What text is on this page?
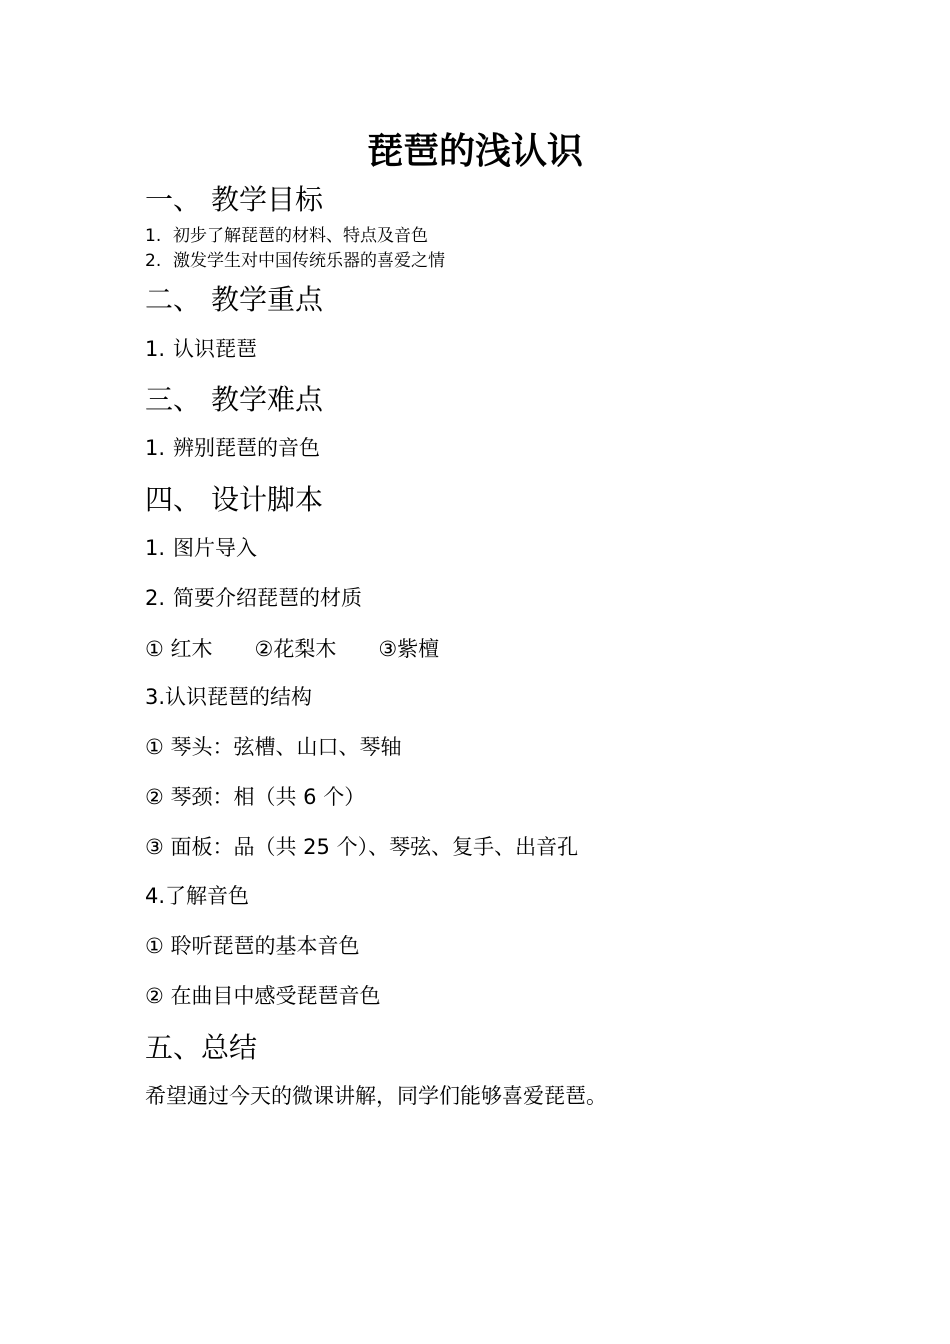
琵琶的浅认识
一、 教学目标
1. 初步了解琵琶的材料、特点及音色
2. 激发学生对中国传统乐器的喜爱之情
二、 教学重点
1. 认识琵琶
三、 教学难点
1. 辨别琵琶的音色
四、 设计脚本
1. 图片导入
2. 简要介绍琵琶的材质
① 红木 ②花梨木 ③紫檀
3.认识琵琶的结构
① 琴头：弦槽、山口、琴轴
② 琴颈：相（共 6 个）
③ 面板：品（共 25 个）、琴弦、复手、出音孔
4.了解音色
① 聆听琵琶的基本音色
② 在曲目中感受琵琶音色
五、总结
希望通过今天的微课讲解，同学们能够喜爱琵琶。
